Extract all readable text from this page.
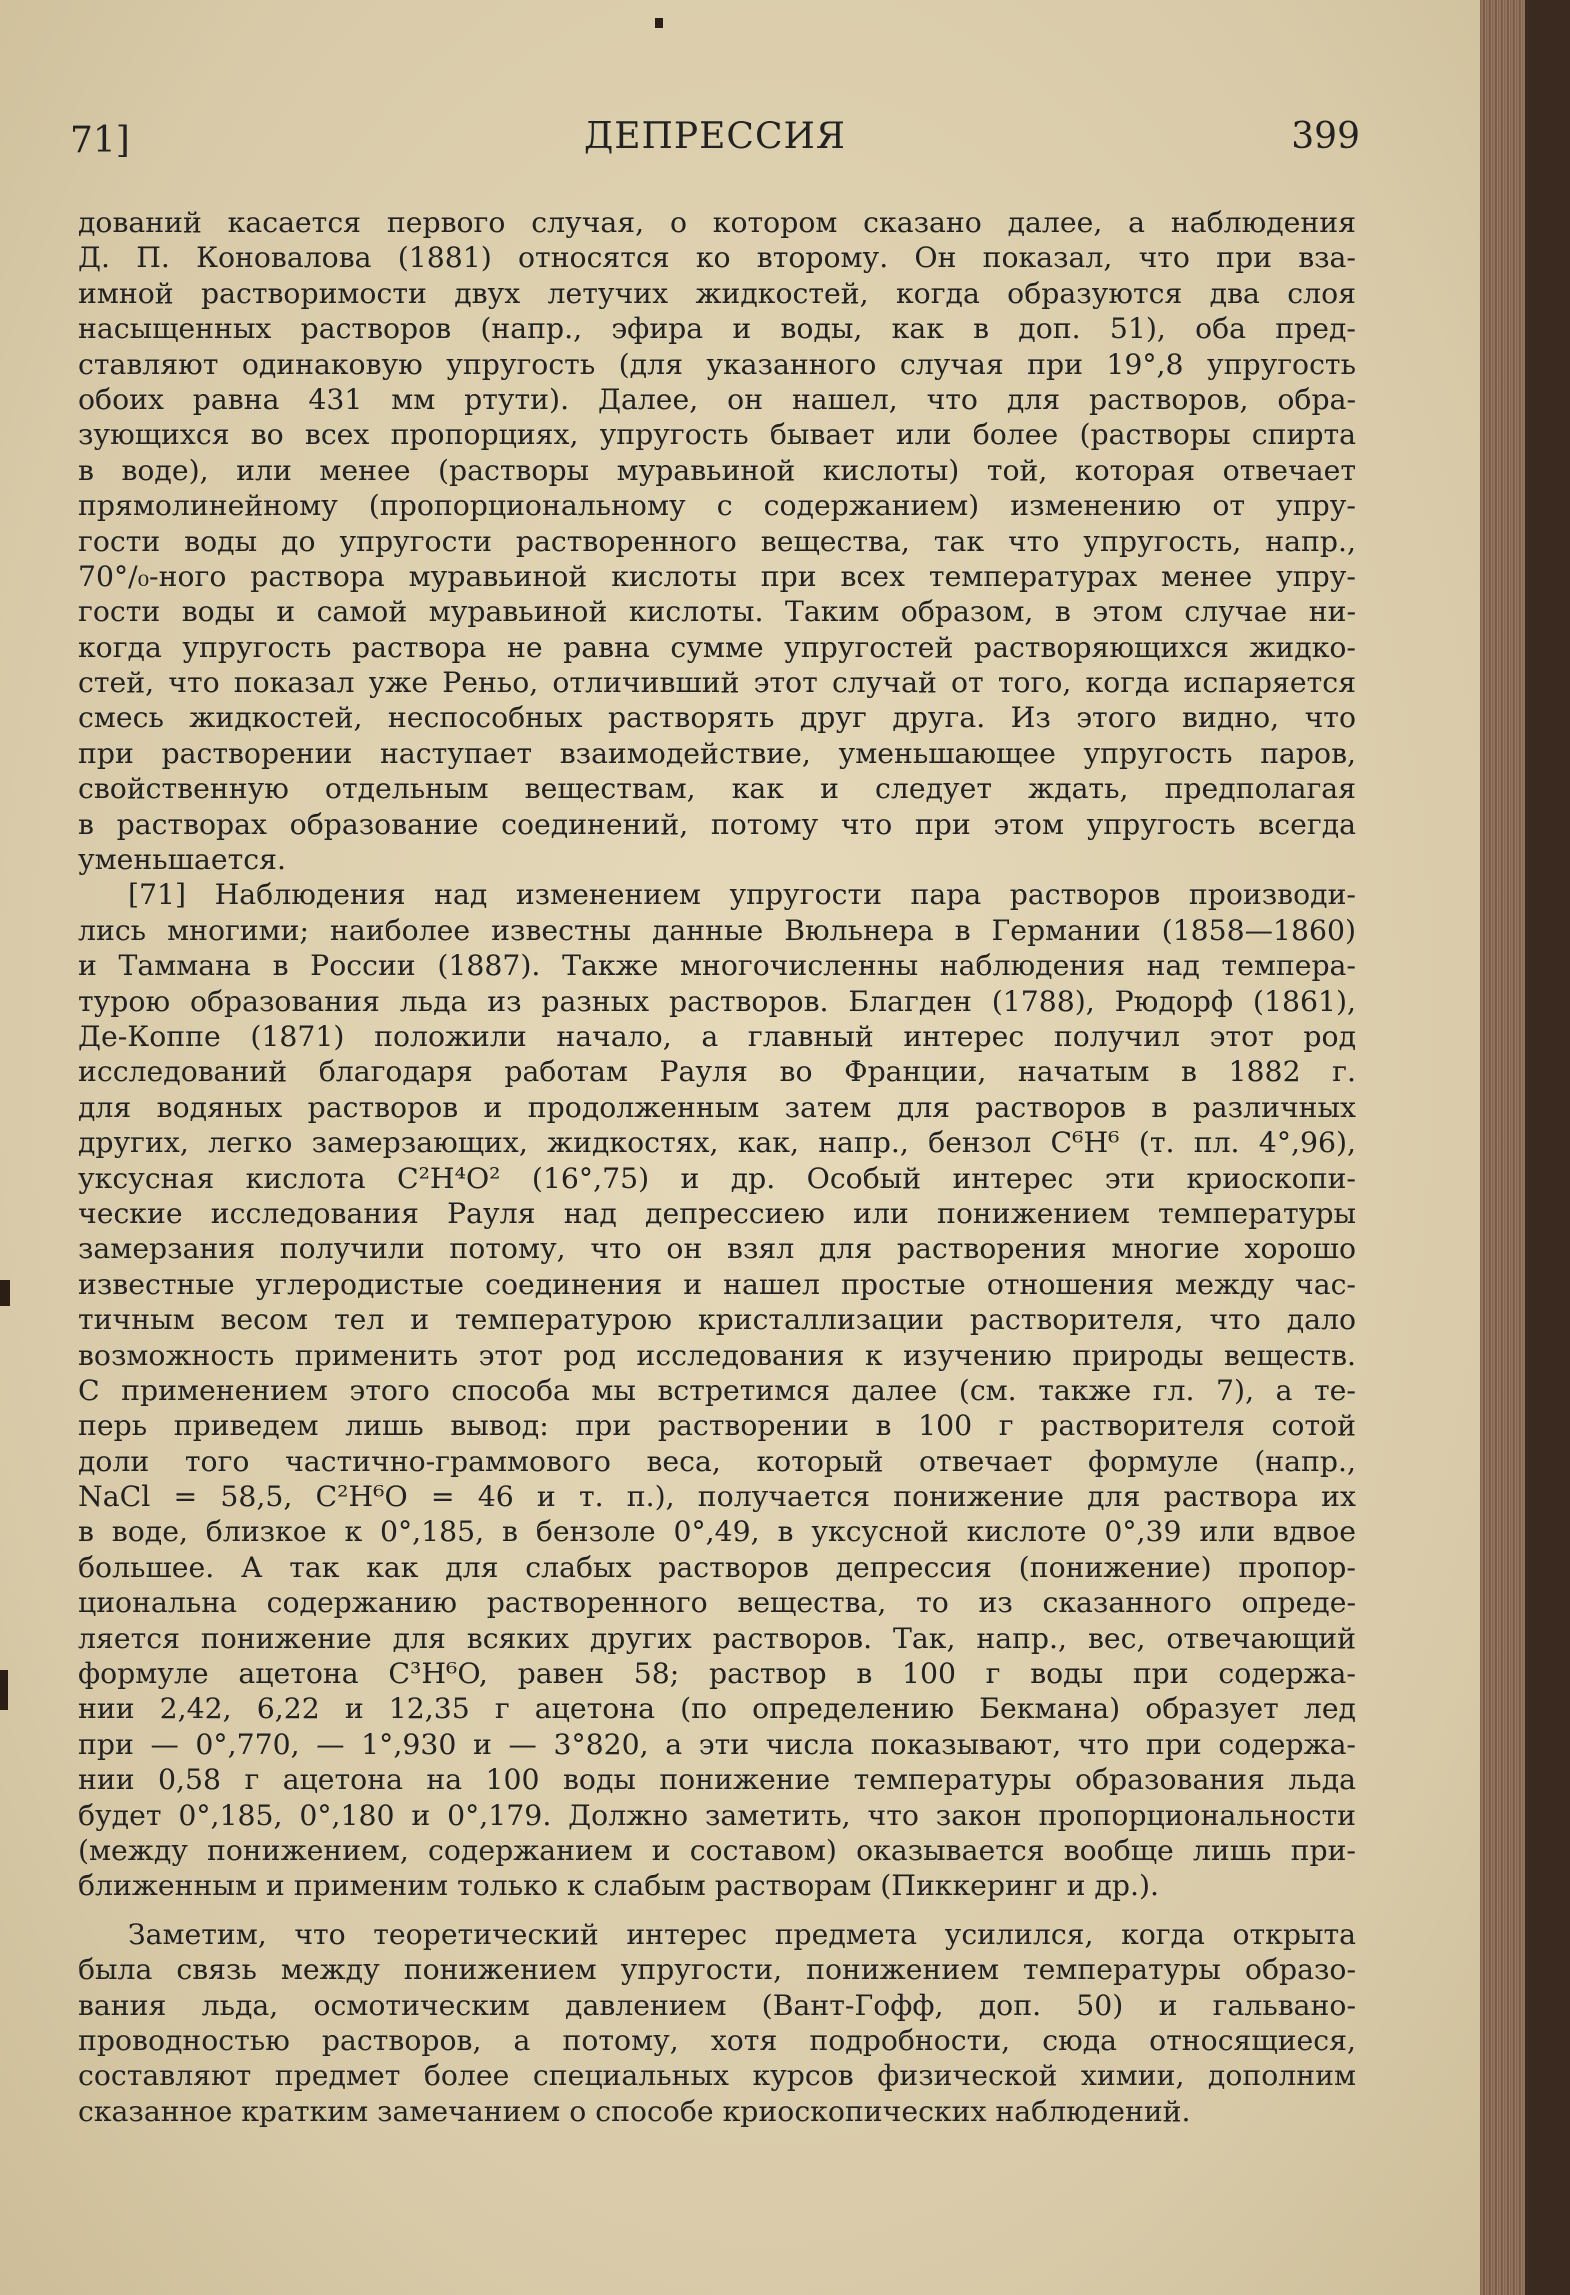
71]	ДЕПРЕССИЯ	399
дований касается первого случая, о котором сказано далее, а наблюдения
Д. П. Коновалова (1881) относятся ко второму. Он показал, что при вза-
имной растворимости двух летучих жидкостей, когда образуются два слоя
насыщенных растворов (напр., эфира и воды, как в доп. 51), оба пред-
ставляют одинаковую упругость (для указанного случая при 19°,8 упругость
обоих равна 431 мм ртути). Далее, он нашел, что для растворов, обра-
зующихся во всех пропорциях, упругость бывает или более (растворы спирта
в воде), или менее (растворы муравьиной кислоты) той, которая отвечает
прямолинейному (пропорциональному с содержанием) изменению от упру-
гости воды до упругости растворенного вещества, так что упругость, напр.,
70°/₀-ного раствора муравьиной кислоты при всех температурах менее упру-
гости воды и самой муравьиной кислоты. Таким образом, в этом случае ни-
когда упругость раствора не равна сумме упругостей растворяющихся жидко-
стей, что показал уже Реньо, отличивший этот случай от того, когда испаряется
смесь жидкостей, неспособных растворять друг друга. Из этого видно, что
при растворении наступает взаимодействие, уменьшающее упругость паров,
свойственную отдельным веществам, как и следует ждать, предполагая
в растворах образование соединений, потому что при этом упругость всегда
уменьшается.
[71] Наблюдения над изменением упругости пара растворов производи-
лись многими; наиболее известны данные Вюльнера в Германии (1858—1860)
и Таммана в России (1887). Также многочисленны наблюдения над темпера-
турою образования льда из разных растворов. Благден (1788), Рюдорф (1861),
Де-Коппе (1871) положили начало, а главный интерес получил этот род
исследований благодаря работам Рауля во Франции, начатым в 1882 г.
для водяных растворов и продолженным затем для растворов в различных
других, легко замерзающих, жидкостях, как, напр., бензол C⁶H⁶ (т. пл. 4°,96),
уксусная кислота C²H⁴O² (16°,75) и др. Особый интерес эти криоскопи-
ческие исследования Рауля над депрессиею или понижением температуры
замерзания получили потому, что он взял для растворения многие хорошо
известные углеродистые соединения и нашел простые отношения между час-
тичным весом тел и температурою кристаллизации растворителя, что дало
возможность применить этот род исследования к изучению природы веществ.
С применением этого способа мы встретимся далее (см. также гл. 7), а те-
перь приведем лишь вывод: при растворении в 100 г растворителя сотой
доли того частично-граммового веса, который отвечает формуле (напр.,
NaCl = 58,5, C²H⁶O = 46 и т. п.), получается понижение для раствора их
в воде, близкое к 0°,185, в бензоле 0°,49, в уксусной кислоте 0°,39 или вдвое
большее. А так как для слабых растворов депрессия (понижение) пропор-
циональна содержанию растворенного вещества, то из сказанного опреде-
ляется понижение для всяких других растворов. Так, напр., вес, отвечающий
формуле ацетона C³H⁶O, равен 58; раствор в 100 г воды при содержа-
нии 2,42, 6,22 и 12,35 г ацетона (по определению Бекмана) образует лед
при — 0°,770, — 1°,930 и — 3°820, а эти числа показывают, что при содержа-
нии 0,58 г ацетона на 100 воды понижение температуры образования льда
будет 0°,185, 0°,180 и 0°,179. Должно заметить, что закон пропорциональности
(между понижением, содержанием и составом) оказывается вообще лишь при-
ближенным и применим только к слабым растворам (Пиккеринг и др.).
Заметим, что теоретический интерес предмета усилился, когда открыта
была связь между понижением упругости, понижением температуры образо-
вания льда, осмотическим давлением (Вант-Гофф, доп. 50) и гальвано-
проводностью растворов, а потому, хотя подробности, сюда относящиеся,
составляют предмет более специальных курсов физической химии, дополним
сказанное кратким замечанием о способе криоскопических наблюдений.
